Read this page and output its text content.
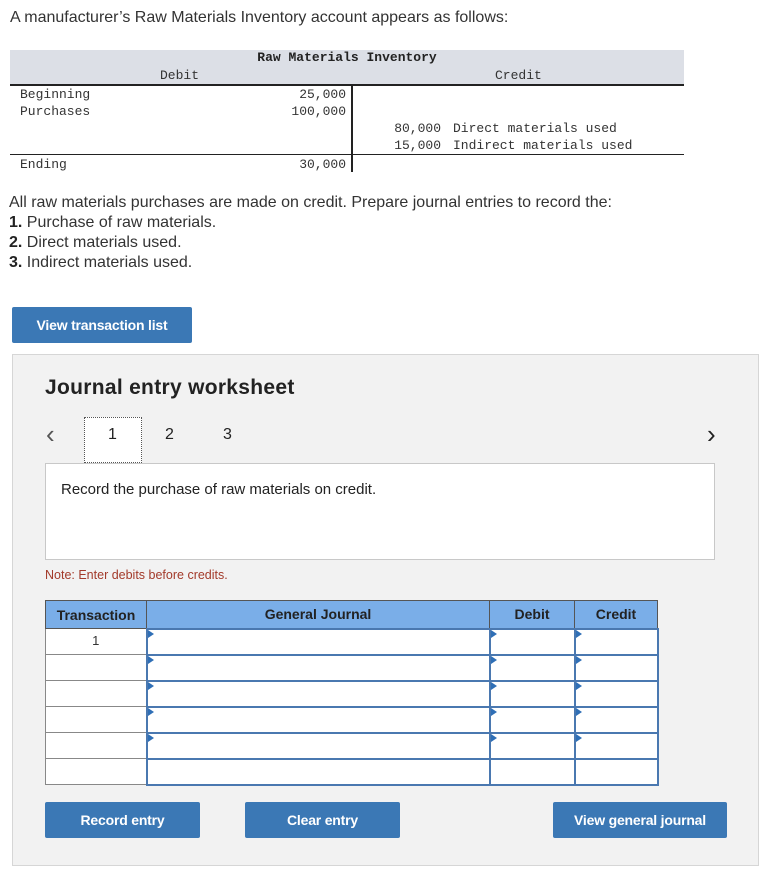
A manufacturer’s Raw Materials Inventory account appears as follows:
Raw Materials Inventory
Debit	Credit
Beginning	25,000
Purchases	100,000
80,000 Direct materials used
15,000 Indirect materials used
Ending	30,000
All raw materials purchases are made on credit. Prepare journal entries to record the:
1. Purchase of raw materials.
2. Direct materials used.
3. Indirect materials used.
View transaction list
Journal entry worksheet
‹	1	2	3	›
Record the purchase of raw materials on credit.
Note: Enter debits before credits.
Transaction	General Journal	Debit	Credit
1	

Record entry	Clear entry	View general journal
